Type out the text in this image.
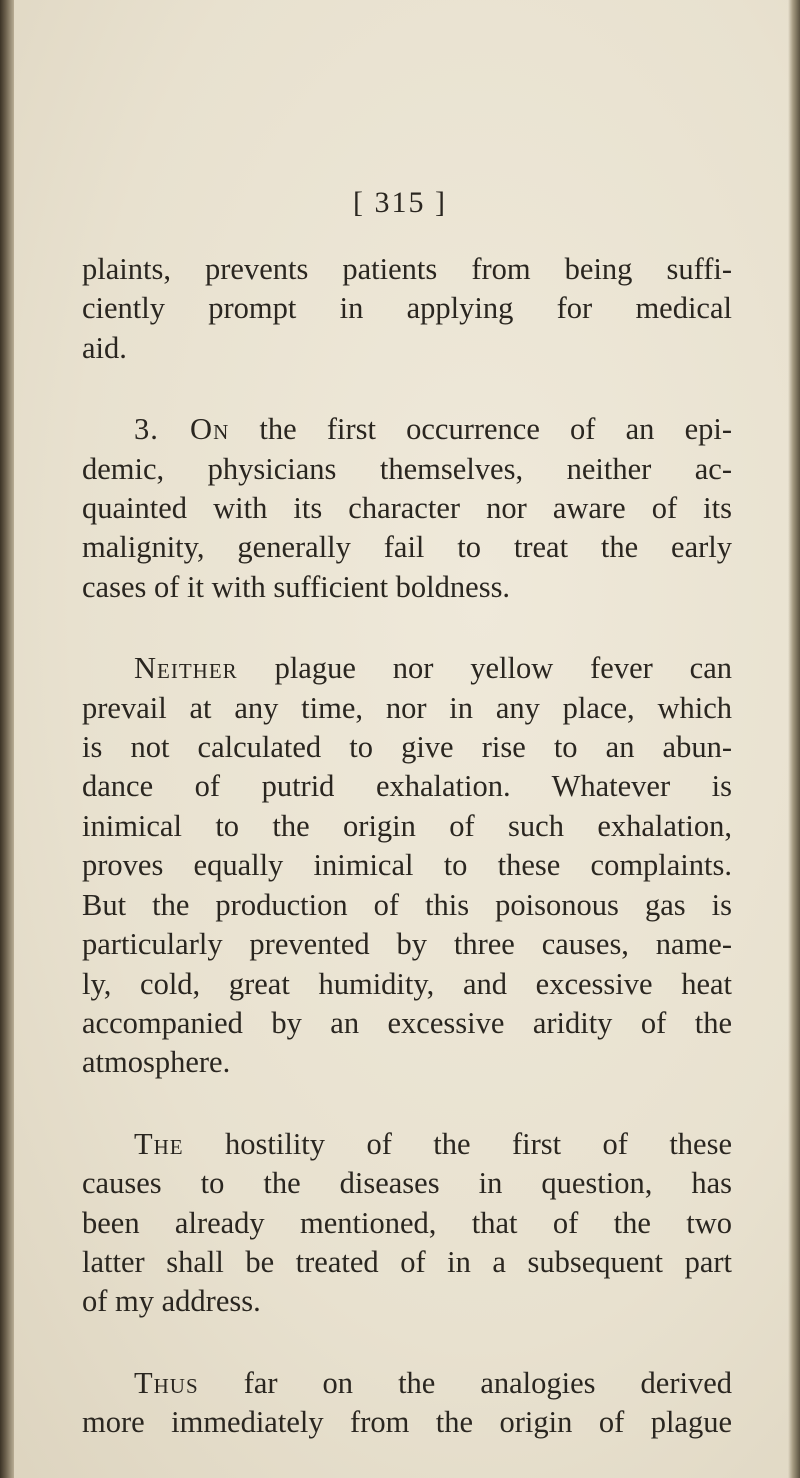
[ 315 ]

plaints, prevents patients from being suffi-
ciently prompt in applying for medical
aid.

3. On the first occurrence of an epi-
demic, physicians themselves, neither ac-
quainted with its character nor aware of its
malignity, generally fail to treat the early
cases of it with sufficient boldness.

Neither plague nor yellow fever can
prevail at any time, nor in any place, which
is not calculated to give rise to an abun-
dance of putrid exhalation. Whatever is
inimical to the origin of such exhalation,
proves equally inimical to these complaints.
But the production of this poisonous gas is
particularly prevented by three causes, name-
ly, cold, great humidity, and excessive heat
accompanied by an excessive aridity of the
atmosphere.

The hostility of the first of these
causes to the diseases in question, has
been already mentioned, that of the two
latter shall be treated of in a subsequent part
of my address.

Thus far on the analogies derived
more immediately from the origin of plague
